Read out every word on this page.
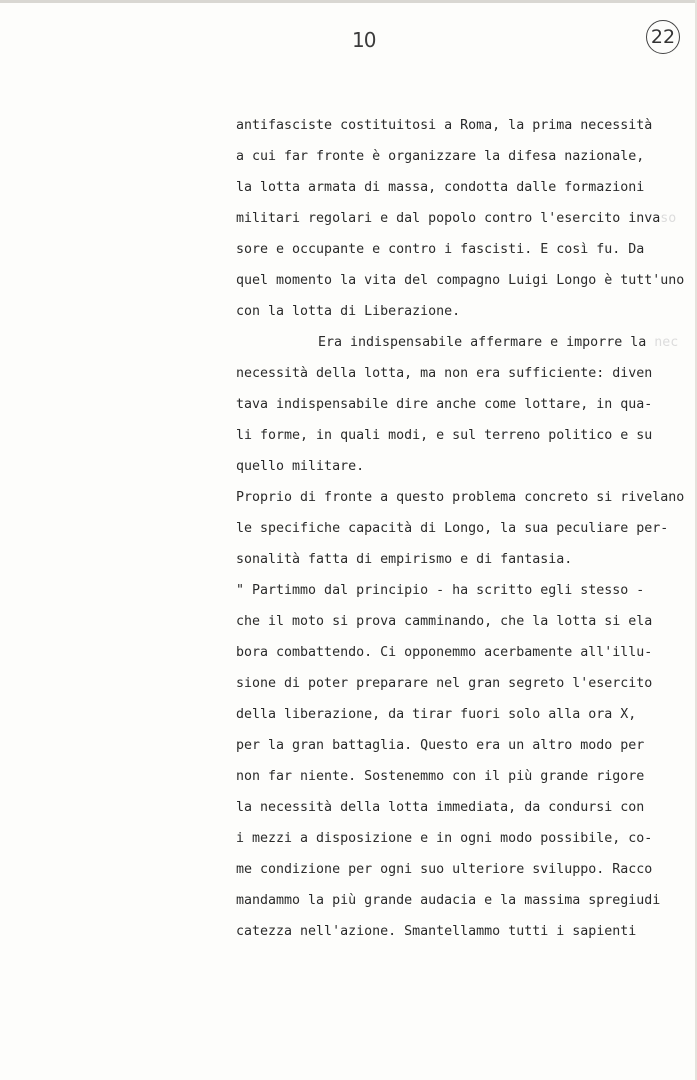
10	22
antifasciste costituitosi a Roma, la prima necessità
a cui far fronte è organizzare la difesa nazionale,
la lotta armata di massa, condotta dalle formazioni
militari regolari e dal popolo contro l'esercito invaso
sore e occupante e contro i fascisti. E così fu. Da
quel momento la vita del compagno Luigi Longo è tutt'uno
con la lotta di Liberazione.
Era indispensabile affermare e imporre la nec
necessità della lotta, ma non era sufficiente: diven
tava indispensabile dire anche come lottare, in qua-
li forme, in quali modi, e sul terreno politico e su
quello militare.
Proprio di fronte a questo problema concreto si rivelano
le specifiche capacità di Longo, la sua peculiare per-
sonalità fatta di empirismo e di fantasia.
" Partimmo dal principio - ha scritto egli stesso -
che il moto si prova camminando, che la lotta si ela
bora combattendo. Ci opponemmo acerbamente all'illu-
sione di poter preparare nel gran segreto l'esercito
della liberazione, da tirar fuori solo alla ora X,
per la gran battaglia. Questo era un altro modo per
non far niente. Sostenemmo con il più grande rigore
la necessità della lotta immediata, da condursi con
i mezzi a disposizione e in ogni modo possibile, co-
me condizione per ogni suo ulteriore sviluppo. Racco
mandammo la più grande audacia e la massima spregiudi
catezza nell'azione. Smantellammo tutti i sapienti
